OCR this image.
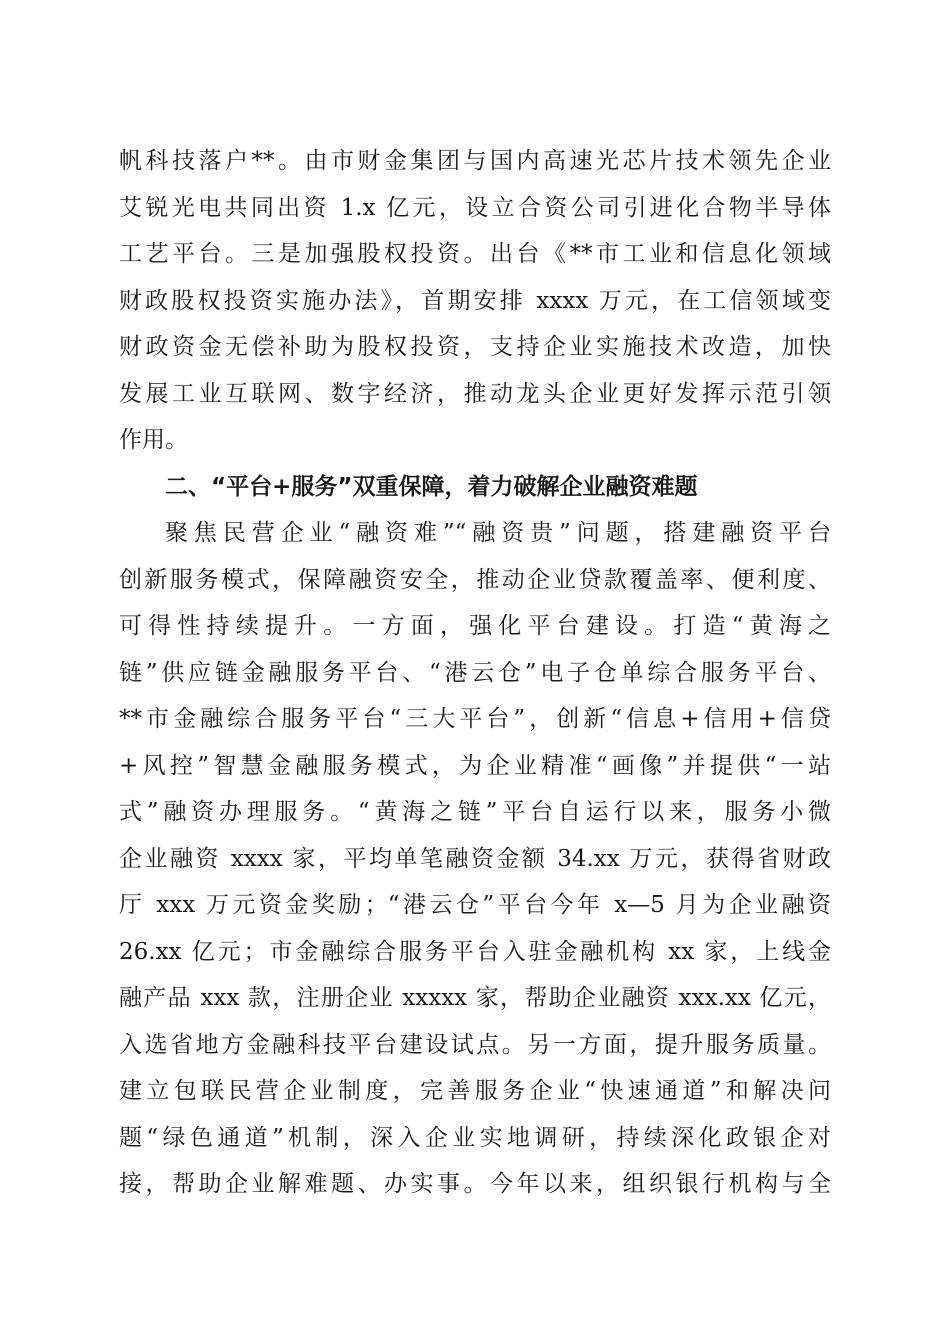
帆科技落户**。由市财金集团与国内高速光芯片技术领先企业
艾锐光电共同出资 1.x 亿元，设立合资公司引进化合物半导体
工艺平台。三是加强股权投资。出台《**市工业和信息化领域
财政股权投资实施办法》，首期安排 xxxx 万元，在工信领域变
财政资金无偿补助为股权投资，支持企业实施技术改造，加快
发展工业互联网、数字经济，推动龙头企业更好发挥示范引领
作用。
二、“平台+服务”双重保障，着力破解企业融资难题
聚焦民营企业“融资难”“融资贵”问题，搭建融资平台
创新服务模式，保障融资安全，推动企业贷款覆盖率、便利度、
可得性持续提升。一方面，强化平台建设。打造“黄海之
链”供应链金融服务平台、“港云仓”电子仓单综合服务平台、
**市金融综合服务平台“三大平台”，创新“信息+信用+信贷
+风控”智慧金融服务模式，为企业精准“画像”并提供“一站
式”融资办理服务。“黄海之链”平台自运行以来，服务小微
企业融资 xxxx 家，平均单笔融资金额 34.xx 万元，获得省财政
厅 xxx 万元资金奖励；“港云仓”平台今年 x—5 月为企业融资
26.xx 亿元；市金融综合服务平台入驻金融机构 xx 家，上线金
融产品 xxx 款，注册企业 xxxxx 家，帮助企业融资 xxx.xx 亿元，
入选省地方金融科技平台建设试点。另一方面，提升服务质量。
建立包联民营企业制度，完善服务企业“快速通道”和解决问
题“绿色通道”机制，深入企业实地调研，持续深化政银企对
接，帮助企业解难题、办实事。今年以来，组织银行机构与全
